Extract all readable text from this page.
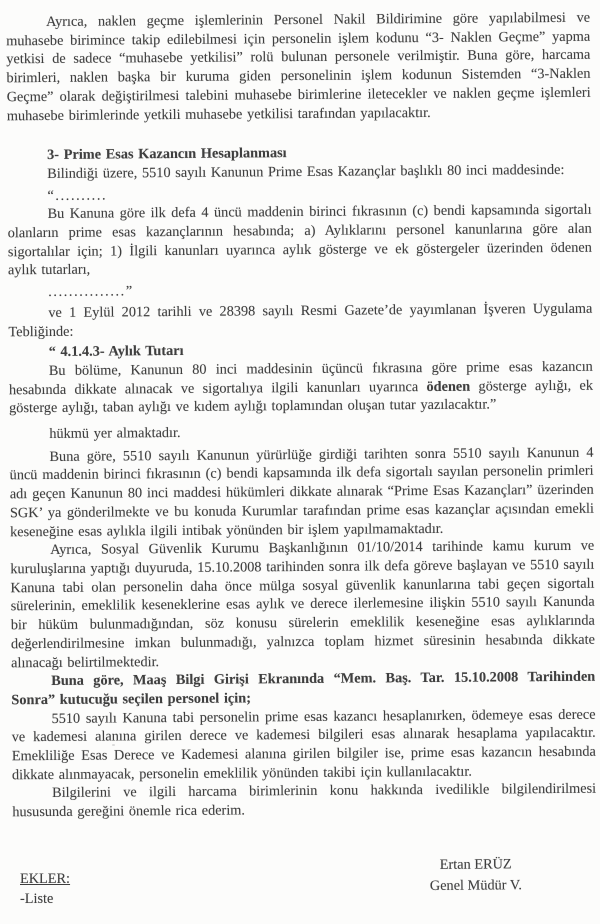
Ayrıca, naklen geçme işlemlerinin Personel Nakil Bildirimine göre yapılabilmesi ve muhasebe birimince takip edilebilmesi için personelin işlem kodunu “3- Naklen Geçme” yapma yetkisi de sadece “muhasebe yetkilisi” rolü bulunan personele verilmiştir. Buna göre, harcama birimleri, naklen başka bir kuruma giden personelinin işlem kodunun Sistemden “3-Naklen Geçme” olarak değiştirilmesi talebini muhasebe birimlerine iletecekler ve naklen geçme işlemleri muhasebe birimlerinde yetkili muhasebe yetkilisi tarafından yapılacaktır.

3- Prime Esas Kazancın Hesaplanması

Bilindiği üzere, 5510 sayılı Kanunun Prime Esas Kazançlar başlıklı 80 inci maddesinde:

“..........

Bu Kanuna göre ilk defa 4 üncü maddenin birinci fıkrasının (c) bendi kapsamında sigortalı olanların prime esas kazançlarının hesabında; a) Aylıklarını personel kanunlarına göre alan sigortalılar için; 1) İlgili kanunları uyarınca aylık gösterge ve ek göstergeler üzerinden ödenen aylık tutarları,

...............”

ve 1 Eylül 2012 tarihli ve 28398 sayılı Resmi Gazete’de yayımlanan İşveren Uygulama Tebliğinde:

“ 4.1.4.3- Aylık Tutarı

Bu bölüme, Kanunun 80 inci maddesinin üçüncü fıkrasına göre prime esas kazancın hesabında dikkate alınacak ve sigortalıya ilgili kanunları uyarınca ödenen gösterge aylığı, ek gösterge aylığı, taban aylığı ve kıdem aylığı toplamından oluşan tutar yazılacaktır.”

hükmü yer almaktadır.

Buna göre, 5510 sayılı Kanunun yürürlüğe girdiği tarihten sonra 5510 sayılı Kanunun 4 üncü maddenin birinci fıkrasının (c) bendi kapsamında ilk defa sigortalı sayılan personelin primleri adı geçen Kanunun 80 inci maddesi hükümleri dikkate alınarak “Prime Esas Kazançları” üzerinden SGK’ ya gönderilmekte ve bu konuda Kurumlar tarafından prime esas kazançlar açısından emekli keseneğine esas aylıkla ilgili intibak yönünden bir işlem yapılmamaktadır.

Ayrıca, Sosyal Güvenlik Kurumu Başkanlığının 01/10/2014 tarihinde kamu kurum ve kuruluşlarına yaptığı duyuruda, 15.10.2008 tarihinden sonra ilk defa göreve başlayan ve 5510 sayılı Kanuna tabi olan personelin daha önce mülga sosyal güvenlik kanunlarına tabi geçen sigortalı sürelerinin, emeklilik keseneklerine esas aylık ve derece ilerlemesine ilişkin 5510 sayılı Kanunda bir hüküm bulunmadığından, söz konusu sürelerin emeklilik keseneğine esas aylıklarında değerlendirilmesine imkan bulunmadığı, yalnızca toplam hizmet süresinin hesabında dikkate alınacağı belirtilmektedir.

Buna göre, Maaş Bilgi Girişi Ekranında “Mem. Baş. Tar. 15.10.2008 Tarihinden Sonra” kutucuğu seçilen personel için;

5510 sayılı Kanuna tabi personelin prime esas kazancı hesaplanırken, ödemeye esas derece ve kademesi alanına girilen derece ve kademesi bilgileri esas alınarak hesaplama yapılacaktır. Emekliliğe Esas Derece ve Kademesi alanına girilen bilgiler ise, prime esas kazancın hesabında dikkate alınmayacak, personelin emeklilik yönünden takibi için kullanılacaktır.

Bilgilerini ve ilgili harcama birimlerinin konu hakkında ivedilikle bilgilendirilmesi hususunda gereğini önemle rica ederim.

Ertan ERÜZ
Genel Müdür V.
EKLER:
-Liste
